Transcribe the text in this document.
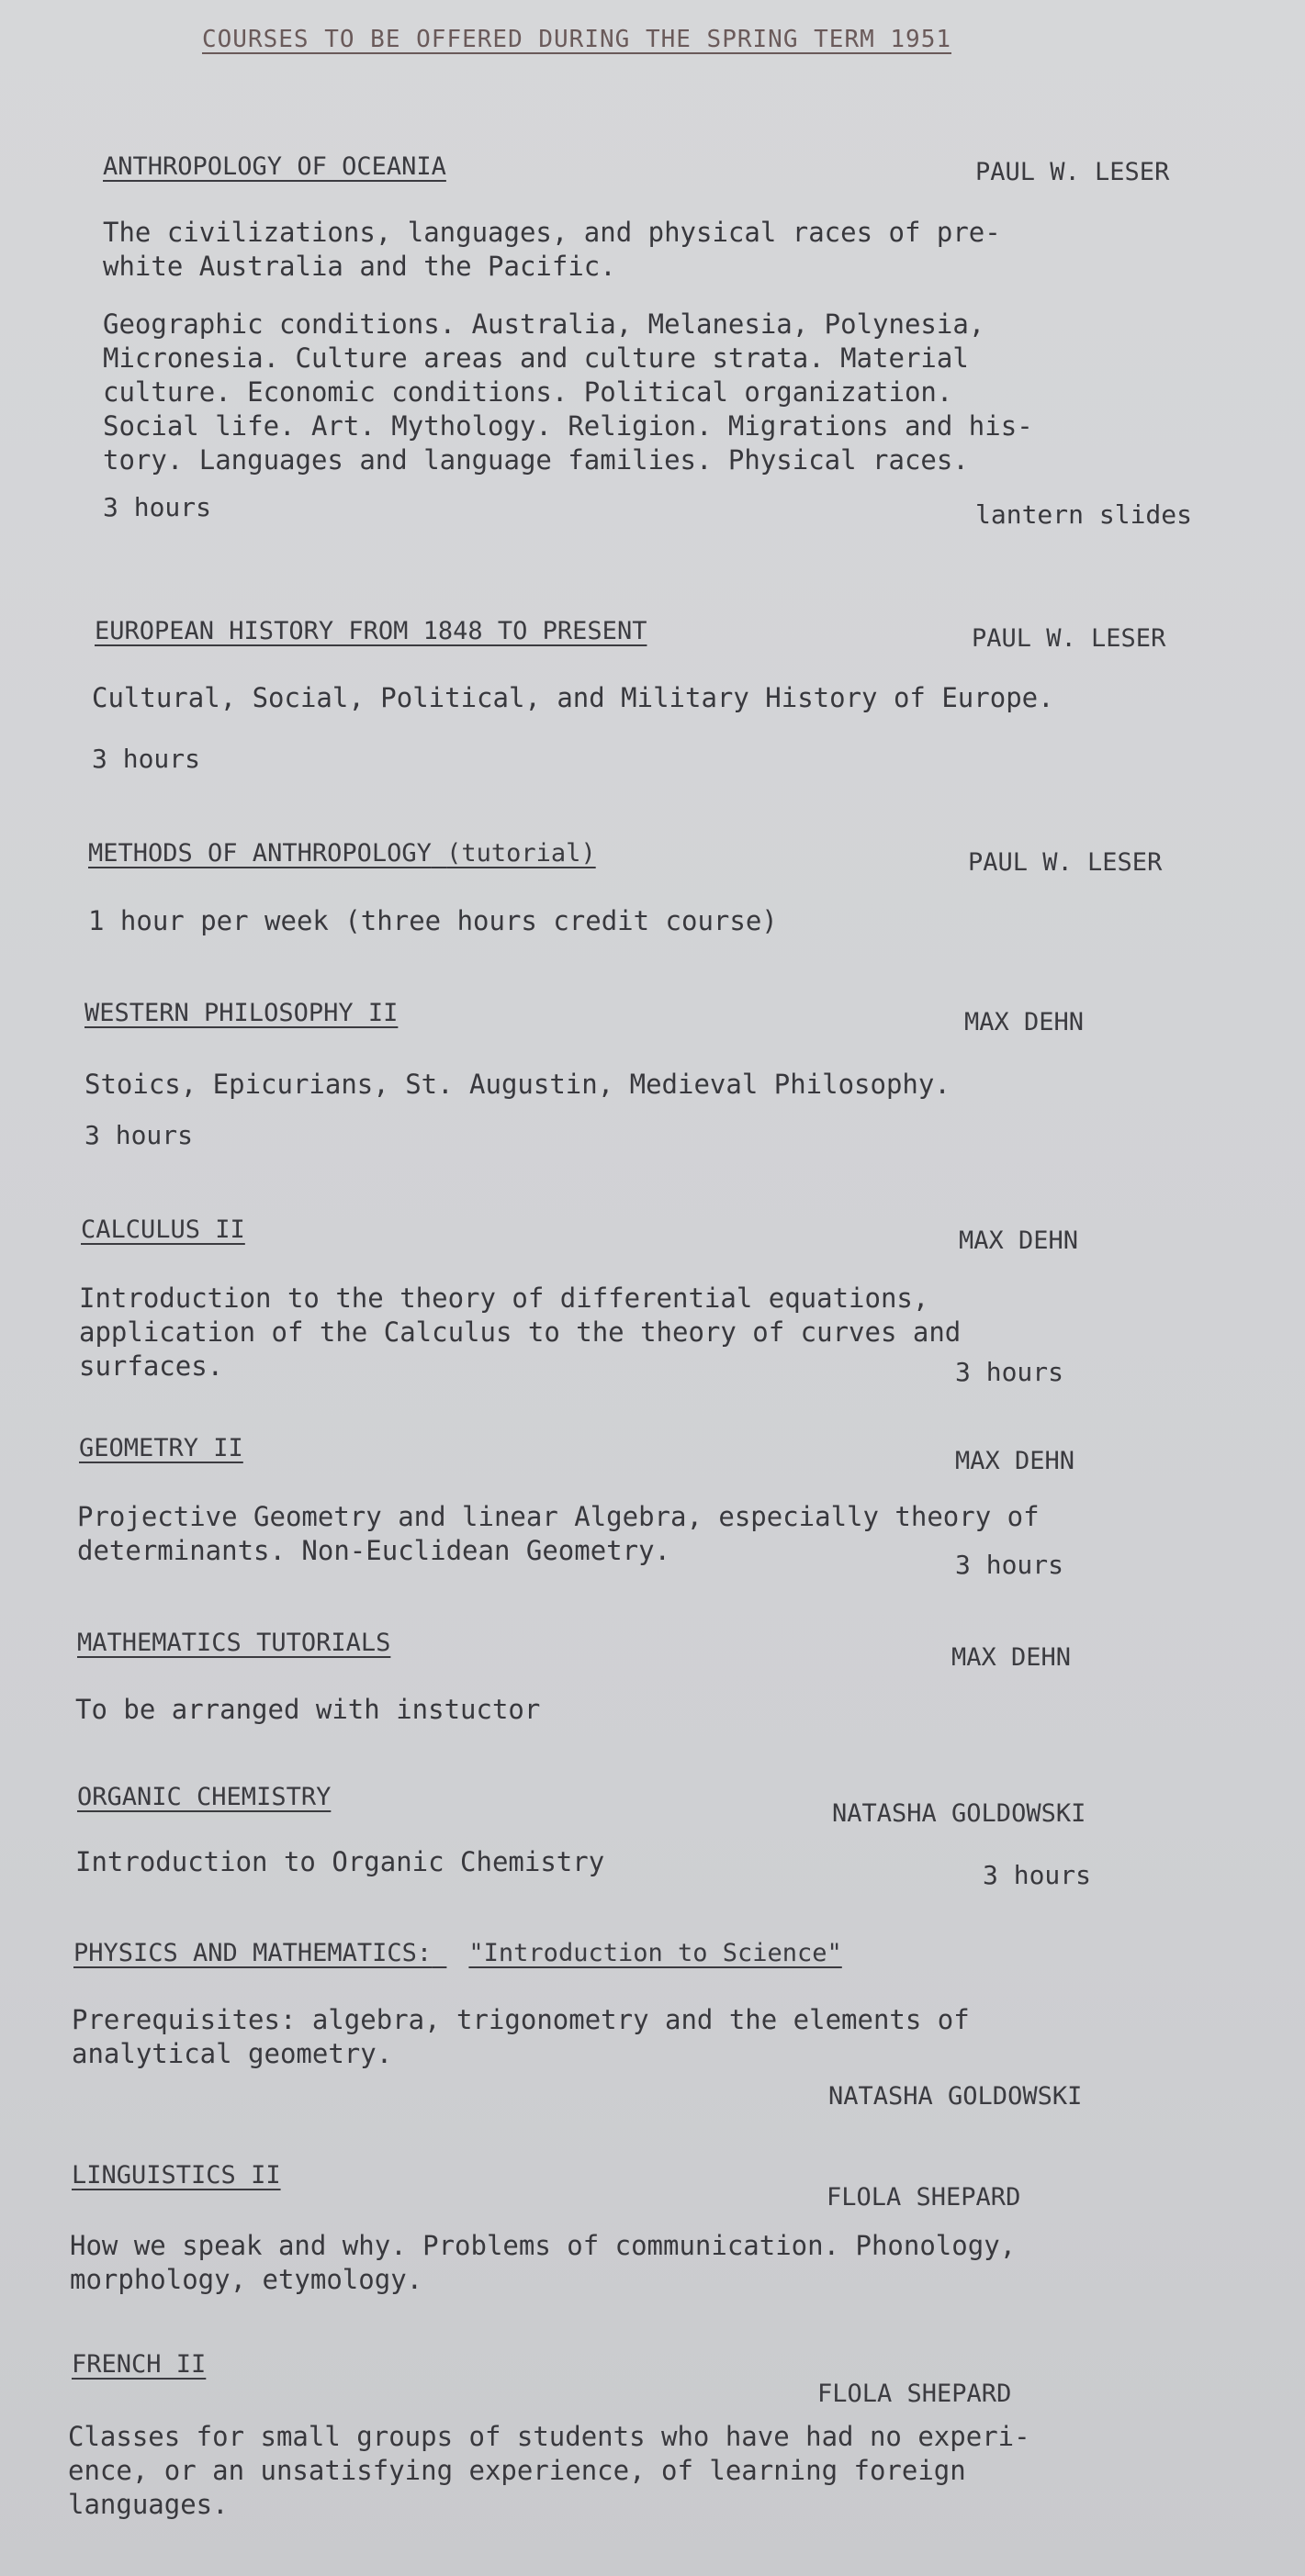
COURSES TO BE OFFERED DURING THE SPRING TERM 1951
ANTHROPOLOGY OF OCEANIA	PAUL W. LESER
The civilizations, languages, and physical races of pre-
white Australia and the Pacific.
Geographic conditions. Australia, Melanesia, Polynesia,
Micronesia. Culture areas and culture strata. Material
culture. Economic conditions. Political organization.
Social life. Art. Mythology. Religion. Migrations and his-
tory. Languages and language families. Physical races.
3 hours	lantern slides
EUROPEAN HISTORY FROM 1848 TO PRESENT	PAUL W. LESER
Cultural, Social, Political, and Military History of Europe.
3 hours
METHODS OF ANTHROPOLOGY (tutorial)	PAUL W. LESER
1 hour per week (three hours credit course)
WESTERN PHILOSOPHY II	MAX DEHN
Stoics, Epicurians, St. Augustin, Medieval Philosophy.
3 hours
CALCULUS II	MAX DEHN
Introduction to the theory of differential equations,
application of the Calculus to the theory of curves and
surfaces.	3 hours
GEOMETRY II	MAX DEHN
Projective Geometry and linear Algebra, especially theory of
determinants. Non-Euclidean Geometry.	3 hours
MATHEMATICS TUTORIALS
MAX DEHN
To be arranged with instuctor
ORGANIC CHEMISTRY
NATASHA GOLDOWSKI
Introduction to Organic Chemistry	3 hours
PHYSICS AND MATHEMATICS: "Introduction to Science"
Prerequisites: algebra, trigonometry and the elements of
analytical geometry.
NATASHA GOLDOWSKI
LINGUISTICS II
FLOLA SHEPARD
How we speak and why. Problems of communication. Phonology,
morphology, etymology.
FRENCH II
FLOLA SHEPARD
Classes for small groups of students who have had no experi-
ence, or an unsatisfying experience, of learning foreign
languages.
